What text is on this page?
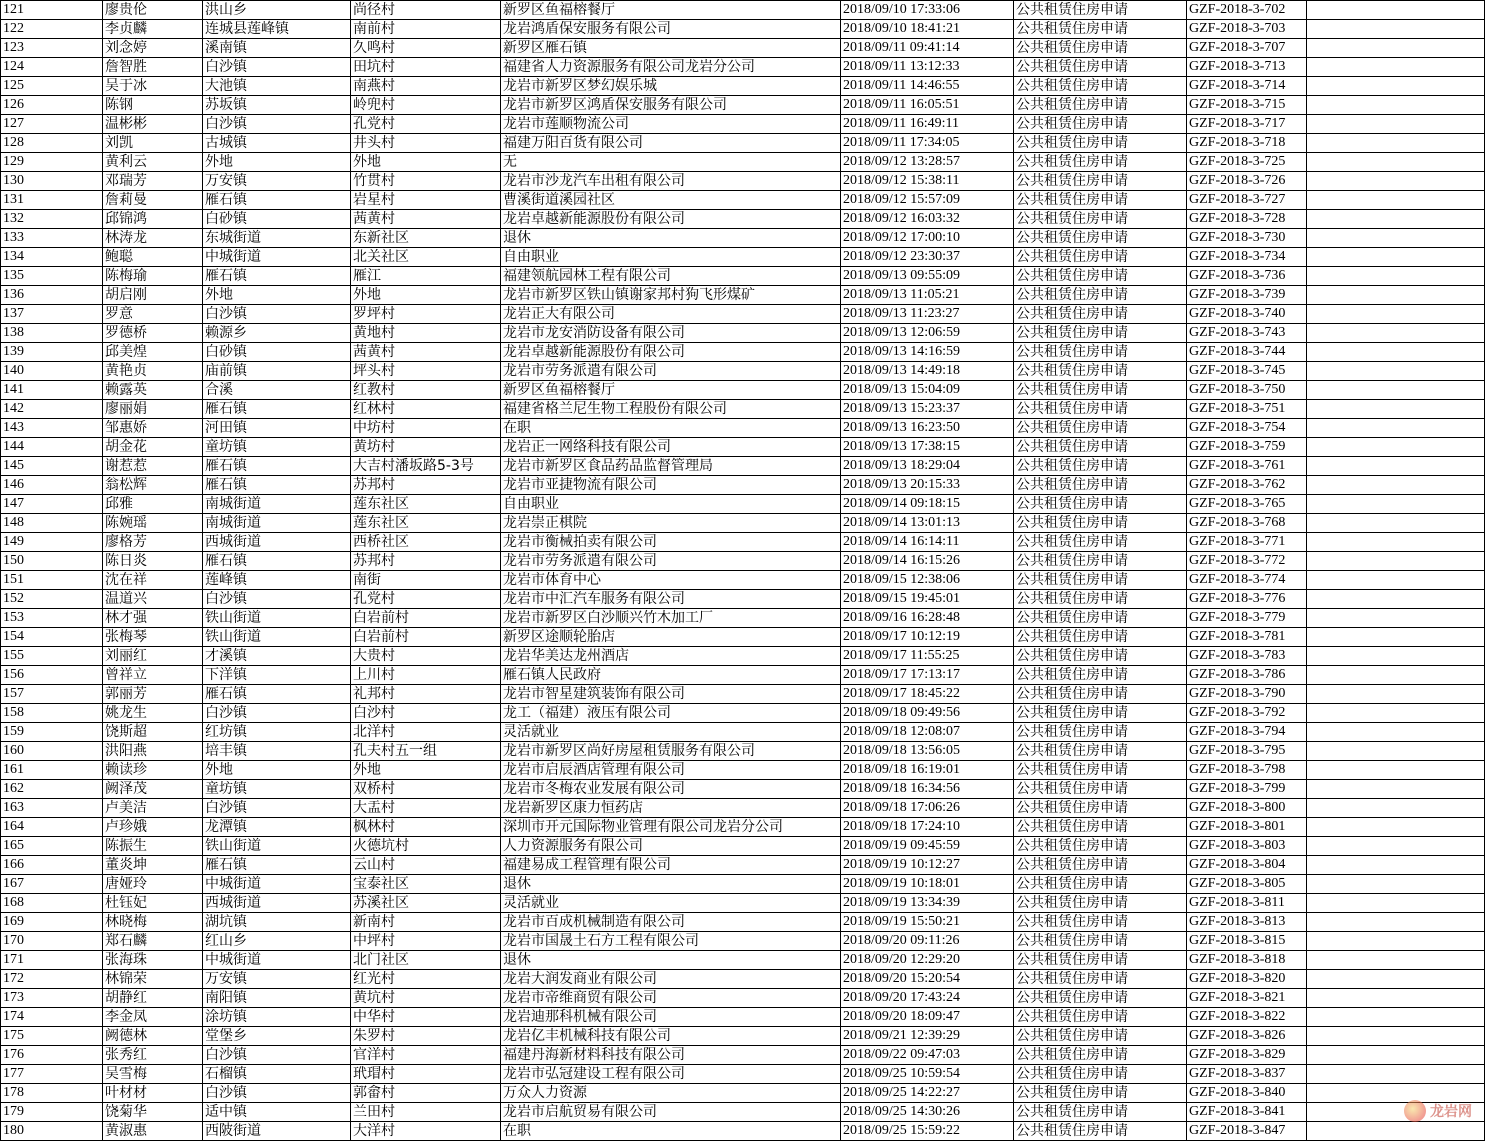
121	廖贵伦	洪山乡	尚径村	新罗区鱼福榕餐厅	2018/09/10 17:33:06	公共租赁住房申请	GZF-2018-3-702	
122	李贞麟	连城县莲峰镇	南前村	龙岩鸿盾保安服务有限公司	2018/09/10 18:41:21	公共租赁住房申请	GZF-2018-3-703	
123	刘念婷	溪南镇	久鸣村	新罗区雁石镇	2018/09/11 09:41:14	公共租赁住房申请	GZF-2018-3-707	
124	詹智胜	白沙镇	田坑村	福建省人力资源服务有限公司龙岩分公司	2018/09/11 13:12:33	公共租赁住房申请	GZF-2018-3-713	
125	吴于冰	大池镇	南燕村	龙岩市新罗区梦幻娱乐城	2018/09/11 14:46:55	公共租赁住房申请	GZF-2018-3-714	
126	陈钢	苏坂镇	岭兜村	龙岩市新罗区鸿盾保安服务有限公司	2018/09/11 16:05:51	公共租赁住房申请	GZF-2018-3-715	
127	温彬彬	白沙镇	孔党村	龙岩市莲顺物流公司	2018/09/11 16:49:11	公共租赁住房申请	GZF-2018-3-717	
128	刘凯	古城镇	井头村	福建万阳百货有限公司	2018/09/11 17:34:05	公共租赁住房申请	GZF-2018-3-718	
129	黄利云	外地	外地	无	2018/09/12 13:28:57	公共租赁住房申请	GZF-2018-3-725	
130	邓瑞芳	万安镇	竹贯村	龙岩市沙龙汽车出租有限公司	2018/09/12 15:38:11	公共租赁住房申请	GZF-2018-3-726	
131	詹莉曼	雁石镇	岩星村	曹溪街道溪园社区	2018/09/12 15:57:09	公共租赁住房申请	GZF-2018-3-727	
132	邱锦鸿	白砂镇	茜黄村	龙岩卓越新能源股份有限公司	2018/09/12 16:03:32	公共租赁住房申请	GZF-2018-3-728	
133	林涛龙	东城街道	东新社区	退休	2018/09/12 17:00:10	公共租赁住房申请	GZF-2018-3-730	
134	鲍聪	中城街道	北关社区	自由职业	2018/09/12 23:30:37	公共租赁住房申请	GZF-2018-3-734	
135	陈梅瑜	雁石镇	雁江	福建领航园林工程有限公司	2018/09/13 09:55:09	公共租赁住房申请	GZF-2018-3-736	
136	胡启刚	外地	外地	龙岩市新罗区铁山镇谢家邦村狗飞形煤矿	2018/09/13 11:05:21	公共租赁住房申请	GZF-2018-3-739	
137	罗意	白沙镇	罗坪村	龙岩正大有限公司	2018/09/13 11:23:27	公共租赁住房申请	GZF-2018-3-740	
138	罗德桥	赖源乡	黄地村	龙岩市龙安消防设备有限公司	2018/09/13 12:06:59	公共租赁住房申请	GZF-2018-3-743	
139	邱美煌	白砂镇	茜黄村	龙岩卓越新能源股份有限公司	2018/09/13 14:16:59	公共租赁住房申请	GZF-2018-3-744	
140	黄艳贞	庙前镇	坪头村	龙岩市劳务派遣有限公司	2018/09/13 14:49:18	公共租赁住房申请	GZF-2018-3-745	
141	赖露英	合溪	红教村	新罗区鱼福榕餐厅	2018/09/13 15:04:09	公共租赁住房申请	GZF-2018-3-750	
142	廖丽娟	雁石镇	红林村	福建省格兰尼生物工程股份有限公司	2018/09/13 15:23:37	公共租赁住房申请	GZF-2018-3-751	
143	邹惠娇	河田镇	中坊村	在职	2018/09/13 16:23:50	公共租赁住房申请	GZF-2018-3-754	
144	胡金花	童坊镇	黄坊村	龙岩正一网络科技有限公司	2018/09/13 17:38:15	公共租赁住房申请	GZF-2018-3-759	
145	谢惹惹	雁石镇	大吉村潘坂路5-3号	龙岩市新罗区食品药品监督管理局	2018/09/13 18:29:04	公共租赁住房申请	GZF-2018-3-761	
146	翁松辉	雁石镇	苏邦村	龙岩市亚捷物流有限公司	2018/09/13 20:15:33	公共租赁住房申请	GZF-2018-3-762	
147	邱雅	南城街道	莲东社区	自由职业	2018/09/14 09:18:15	公共租赁住房申请	GZF-2018-3-765	
148	陈婉瑶	南城街道	莲东社区	龙岩崇正棋院	2018/09/14 13:01:13	公共租赁住房申请	GZF-2018-3-768	
149	廖格芳	西城街道	西桥社区	龙岩市衡械拍卖有限公司	2018/09/14 16:14:11	公共租赁住房申请	GZF-2018-3-771	
150	陈日炎	雁石镇	苏邦村	龙岩市劳务派遣有限公司	2018/09/14 16:15:26	公共租赁住房申请	GZF-2018-3-772	
151	沈在祥	莲峰镇	南街	龙岩市体育中心	2018/09/15 12:38:06	公共租赁住房申请	GZF-2018-3-774	
152	温道兴	白沙镇	孔党村	龙岩市中汇汽车服务有限公司	2018/09/15 19:45:01	公共租赁住房申请	GZF-2018-3-776	
153	林才强	铁山街道	白岩前村	龙岩市新罗区白沙顺兴竹木加工厂	2018/09/16 16:28:48	公共租赁住房申请	GZF-2018-3-779	
154	张梅琴	铁山街道	白岩前村	新罗区途顺轮胎店	2018/09/17 10:12:19	公共租赁住房申请	GZF-2018-3-781	
155	刘丽红	才溪镇	大贵村	龙岩华美达龙州酒店	2018/09/17 11:55:25	公共租赁住房申请	GZF-2018-3-783	
156	曾祥立	下洋镇	上川村	雁石镇人民政府	2018/09/17 17:13:17	公共租赁住房申请	GZF-2018-3-786	
157	郭丽芳	雁石镇	礼邦村	龙岩市智星建筑装饰有限公司	2018/09/17 18:45:22	公共租赁住房申请	GZF-2018-3-790	
158	姚龙生	白沙镇	白沙村	龙工（福建）液压有限公司	2018/09/18 09:49:56	公共租赁住房申请	GZF-2018-3-792	
159	饶斯超	红坊镇	北洋村	灵活就业	2018/09/18 12:08:07	公共租赁住房申请	GZF-2018-3-794	
160	洪阳燕	培丰镇	孔夫村五一组	龙岩市新罗区尚好房屋租赁服务有限公司	2018/09/18 13:56:05	公共租赁住房申请	GZF-2018-3-795	
161	赖读珍	外地	外地	龙岩市启辰酒店管理有限公司	2018/09/18 16:19:01	公共租赁住房申请	GZF-2018-3-798	
162	阙泽茂	童坊镇	双桥村	龙岩市冬梅农业发展有限公司	2018/09/18 16:34:56	公共租赁住房申请	GZF-2018-3-799	
163	卢美洁	白沙镇	大盂村	龙岩新罗区康力恒药店	2018/09/18 17:06:26	公共租赁住房申请	GZF-2018-3-800	
164	卢珍娥	龙潭镇	枫林村	深圳市开元国际物业管理有限公司龙岩分公司	2018/09/18 17:24:10	公共租赁住房申请	GZF-2018-3-801	
165	陈振生	铁山街道	火德坑村	人力资源服务有限公司	2018/09/19 09:45:59	公共租赁住房申请	GZF-2018-3-803	
166	董炎坤	雁石镇	云山村	福建易成工程管理有限公司	2018/09/19 10:12:27	公共租赁住房申请	GZF-2018-3-804	
167	唐娅玲	中城街道	宝泰社区	退休	2018/09/19 10:18:01	公共租赁住房申请	GZF-2018-3-805	
168	杜钰妃	西城街道	苏溪社区	灵活就业	2018/09/19 13:34:39	公共租赁住房申请	GZF-2018-3-811	
169	林晓梅	湖坑镇	新南村	龙岩市百成机械制造有限公司	2018/09/19 15:50:21	公共租赁住房申请	GZF-2018-3-813	
170	郑石麟	红山乡	中坪村	龙岩市国晟土石方工程有限公司	2018/09/20 09:11:26	公共租赁住房申请	GZF-2018-3-815	
171	张海珠	中城街道	北门社区	退休	2018/09/20 12:29:20	公共租赁住房申请	GZF-2018-3-818	
172	林锦荣	万安镇	红光村	龙岩大润发商业有限公司	2018/09/20 15:20:54	公共租赁住房申请	GZF-2018-3-820	
173	胡静红	南阳镇	黄坑村	龙岩市帝维商贸有限公司	2018/09/20 17:43:24	公共租赁住房申请	GZF-2018-3-821	
174	李金凤	涂坊镇	中华村	龙岩迪那科机械有限公司	2018/09/20 18:09:47	公共租赁住房申请	GZF-2018-3-822	
175	阙德林	堂堡乡	朱罗村	龙岩亿丰机械科技有限公司	2018/09/21 12:39:29	公共租赁住房申请	GZF-2018-3-826	
176	张秀红	白沙镇	官洋村	福建丹海新材料科技有限公司	2018/09/22 09:47:03	公共租赁住房申请	GZF-2018-3-829	
177	吴雪梅	石榴镇	玳瑁村	龙岩市弘冠建设工程有限公司	2018/09/25 10:59:54	公共租赁住房申请	GZF-2018-3-837	
178	叶材材	白沙镇	郭畲村	万众人力资源	2018/09/25 14:22:27	公共租赁住房申请	GZF-2018-3-840	
179	饶菊华	适中镇	兰田村	龙岩市启航贸易有限公司	2018/09/25 14:30:26	公共租赁住房申请	GZF-2018-3-841	
180	黄淑惠	西陂街道	大洋村	在职	2018/09/25 15:59:22	公共租赁住房申请	GZF-2018-3-847	
龙岩网
